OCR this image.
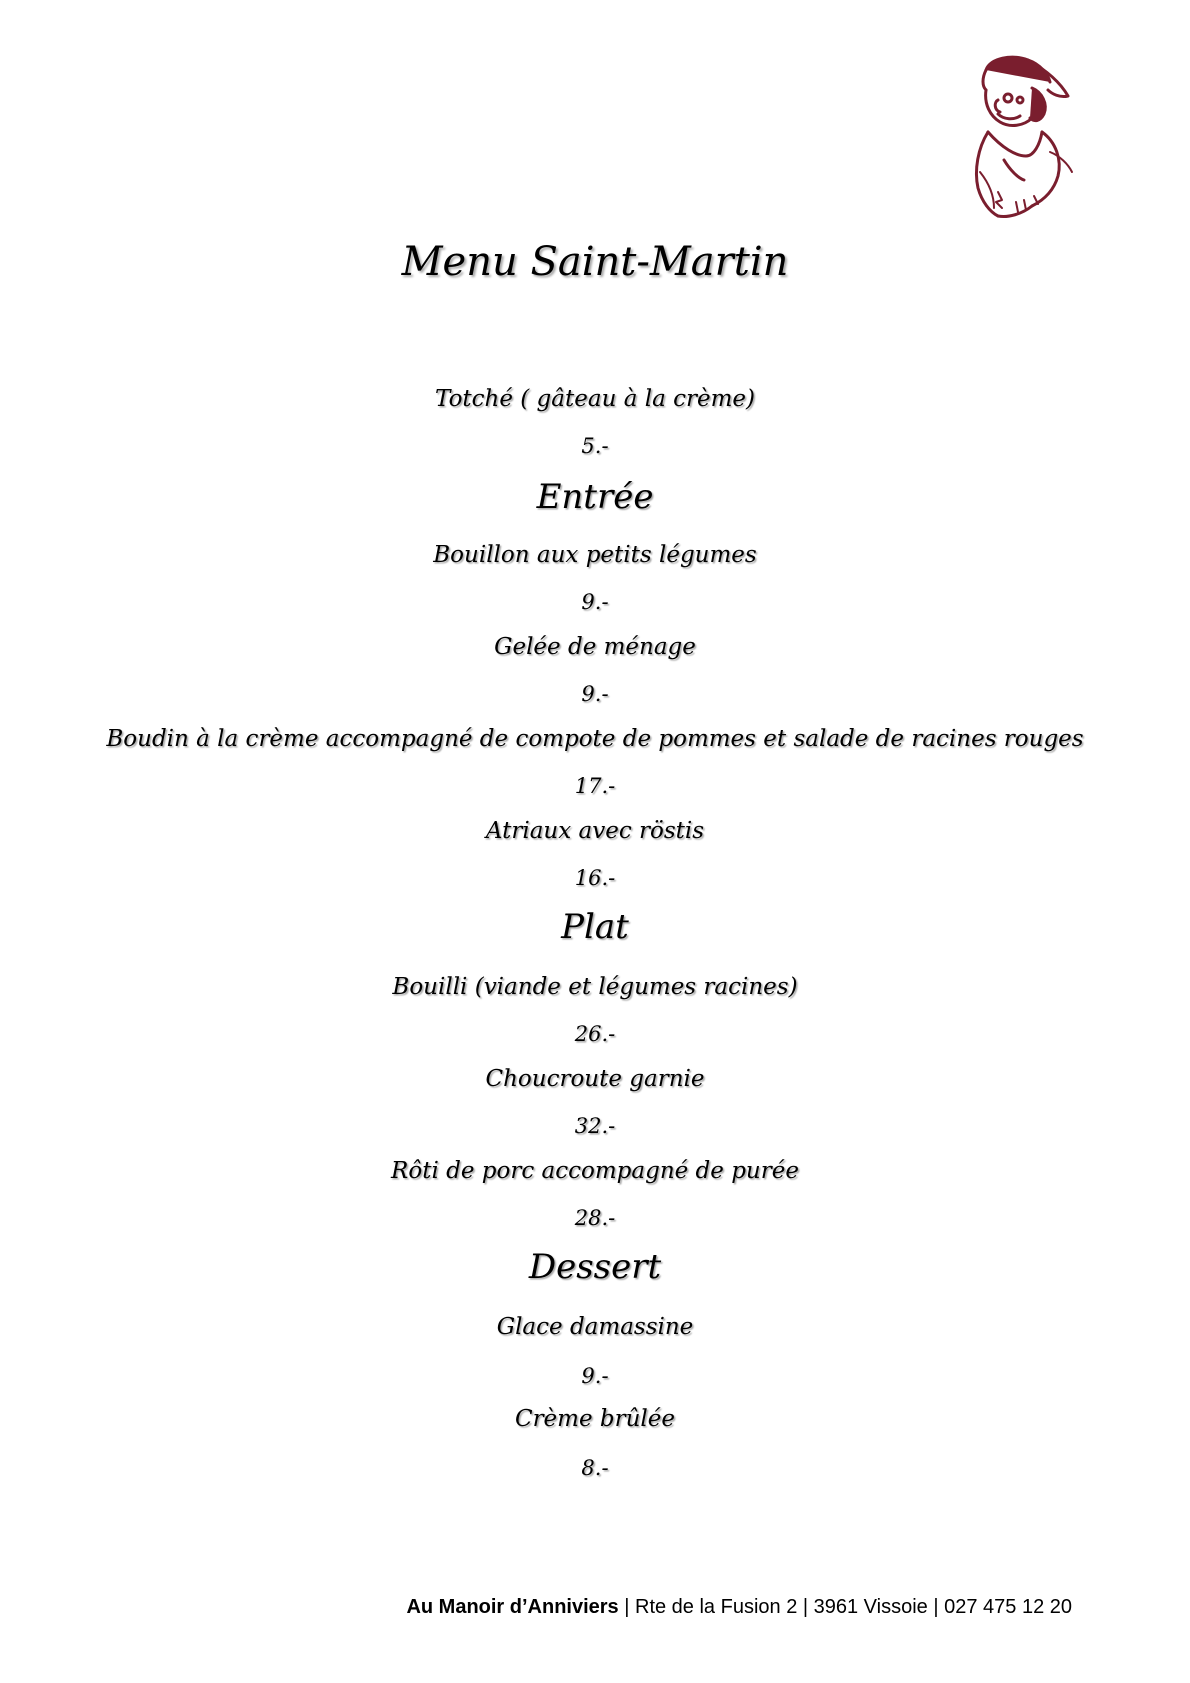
Menu Saint-Martin
Totché ( gâteau à la crème)
5.-
Entrée
Bouillon aux petits légumes
9.-
Gelée de ménage
9.-
Boudin à la crème accompagné de compote de pommes et salade de racines rouges
17.-
Atriaux avec röstis
16.-
Plat
Bouilli (viande et légumes racines)
26.-
Choucroute garnie
32.-
Rôti de porc accompagné de purée
28.-
Dessert
Glace damassine
9.-
Crème brûlée
8.-
Au Manoir d’Anniviers | Rte de la Fusion 2 | 3961 Vissoie | 027 475 12 20
